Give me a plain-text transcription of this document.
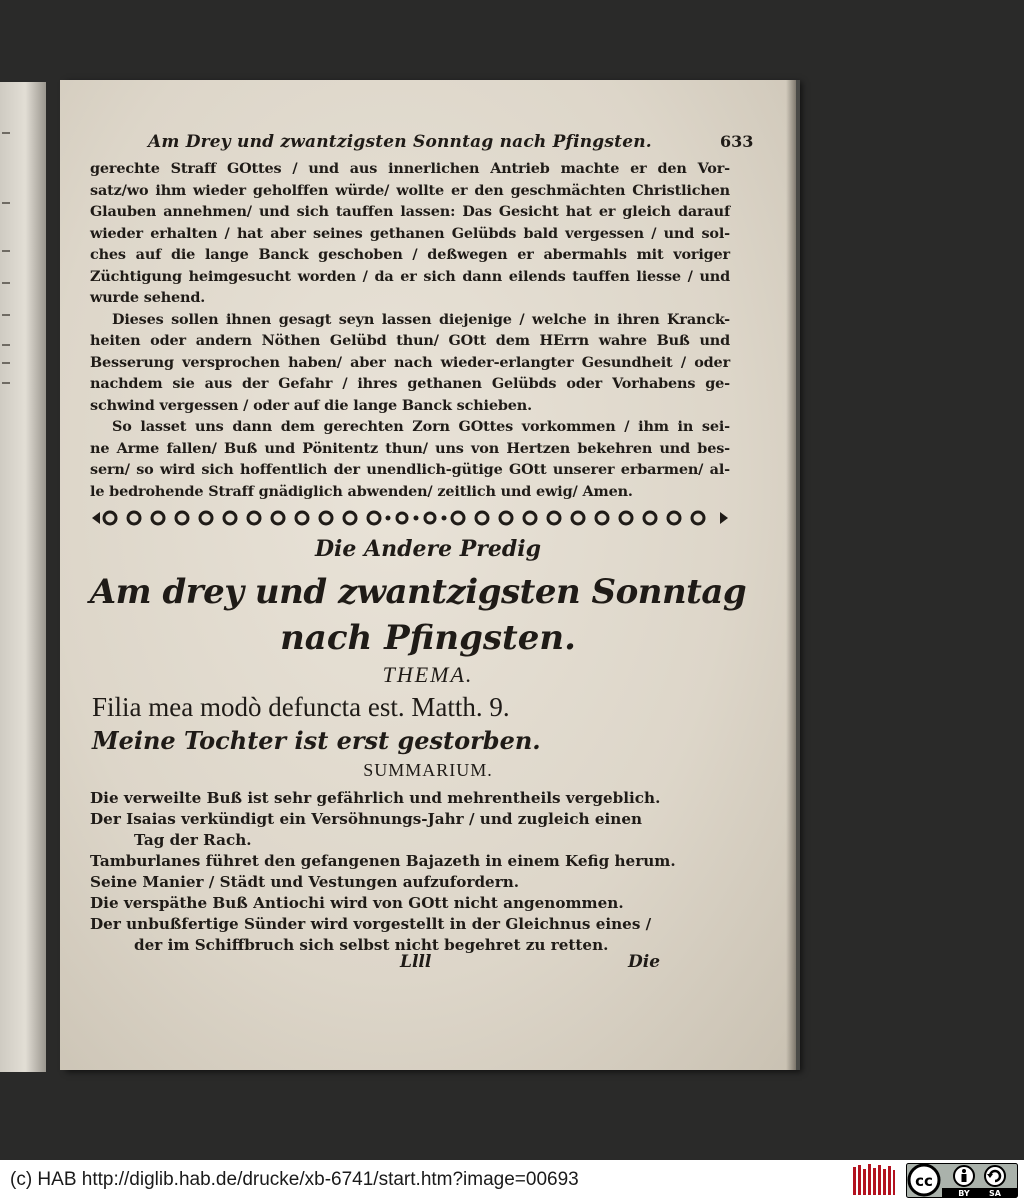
Am Drey und zwantzigsten Sonntag nach Pfingsten.	633
gerechte Straff GOttes / und aus innerlichen Antrieb machte er den Vor-
satz/wo ihm wieder geholffen würde/ wollte er den geschmächten Christlichen
Glauben annehmen/ und sich tauffen lassen: Das Gesicht hat er gleich darauf
wieder erhalten / hat aber seines gethanen Gelübds bald vergessen / und sol-
ches auf die lange Banck geschoben / deßwegen er abermahls mit voriger
Züchtigung heimgesucht worden / da er sich dann eilends tauffen liesse / und
wurde sehend.
Dieses sollen ihnen gesagt seyn lassen diejenige / welche in ihren Kranck-
heiten oder andern Nöthen Gelübd thun/ GOtt dem HErrn wahre Buß und
Besserung versprochen haben/ aber nach wieder-erlangter Gesundheit / oder
nachdem sie aus der Gefahr / ihres gethanen Gelübds oder Vorhabens ge-
schwind vergessen / oder auf die lange Banck schieben.
So lasset uns dann dem gerechten Zorn GOttes vorkommen / ihm in sei-
ne Arme fallen/ Buß und Pönitentz thun/ uns von Hertzen bekehren und bes-
sern/ so wird sich hoffentlich der unendlich-gütige GOtt unserer erbarmen/ al-
le bedrohende Straff gnädiglich abwenden/ zeitlich und ewig/ Amen.
Die Andere Predig
Am drey und zwantzigsten Sonntag
nach Pfingsten.
THEMA.
Filia mea modò defuncta est. Matth. 9.
Meine Tochter ist erst gestorben.
SUMMARIUM.
Die verweilte Buß ist sehr gefährlich und mehrentheils vergeblich.
Der Isaias verkündigt ein Versöhnungs-Jahr / und zugleich einen
Tag der Rach.
Tamburlanes führet den gefangenen Bajazeth in einem Kefig herum.
Seine Manier / Städt und Vestungen aufzufordern.
Die verspäthe Buß Antiochi wird von GOtt nicht angenommen.
Der unbußfertige Sünder wird vorgestellt in der Gleichnus eines /
der im Schiffbruch sich selbst nicht begehret zu retten.
Llll	Die
(c) HAB http://diglib.hab.de/drucke/xb-6741/start.htm?image=00693	cc
BY SA
